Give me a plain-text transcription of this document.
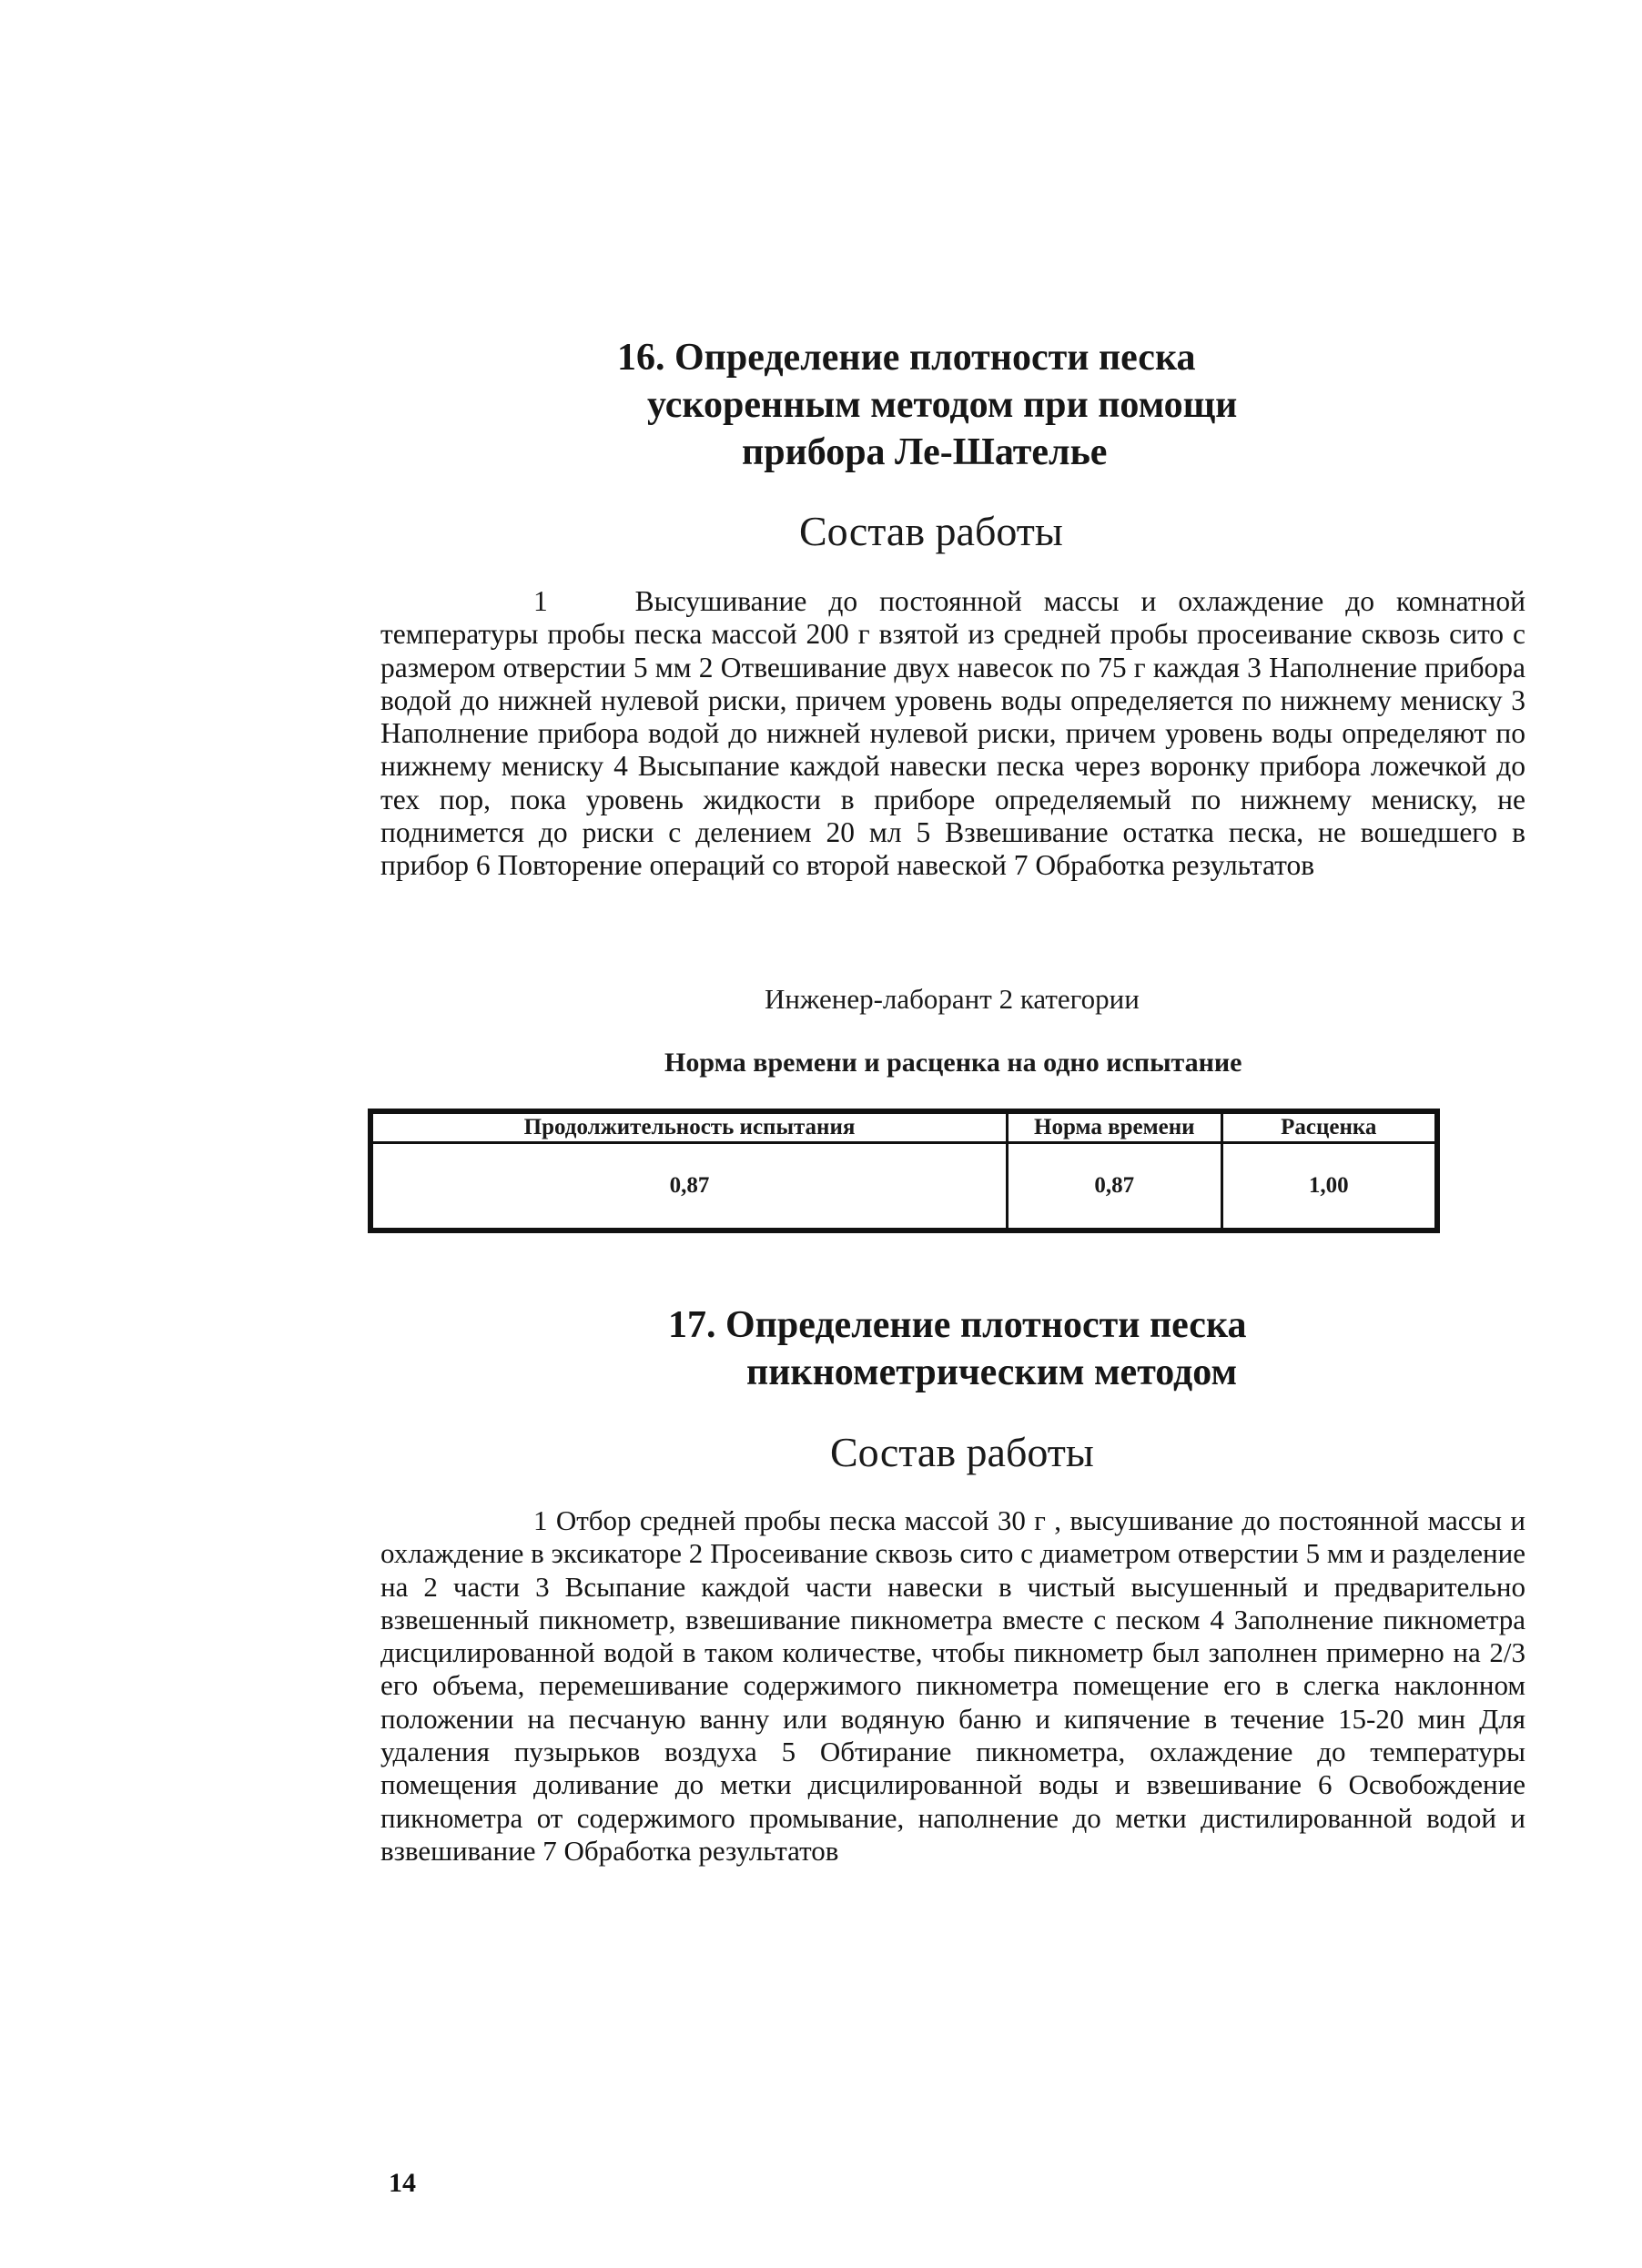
16. Определение плотности песка
ускоренным методом при помощи
прибора Ле-Шателье
Состав работы

1	Высушивание до постоянной массы и охлаждение до комнатной температуры пробы песка массой 200 г взятой из средней пробы просеивание сквозь сито с размером отверстии 5 мм 2 Отвешивание двух навесок по 75 г каждая 3 Наполнение прибора водой до нижней нулевой риски, причем уровень воды определяется по нижнему мениску 3 Наполнение прибора водой до нижней нулевой риски, причем уровень воды определяют по нижнему мениску 4 Высыпание каждой навески песка через воронку прибора ложечкой до тех пор, пока уровень жидкости в приборе определяемый по нижнему мениску, не поднимется до риски с делением 20 мл 5 Взвешивание остатка песка, не вошедшего в прибор 6 Повторение операций со второй навеской 7 Обработка результатов

Инженер-лаборант 2 категории
Норма времени и расценка на одно испытание
Продолжительность испытания	Норма времени	Расценка
0,87	0,87	1,00
17. Определение плотности песка
пикнометрическим методом
Состав работы

1 Отбор средней пробы песка массой 30 г , высушивание до постоянной массы и охлаждение в эксикаторе 2 Просеивание сквозь сито с диаметром отверстии 5 мм и разделение на 2 части 3 Всыпание каждой части навески в чистый высушенный и предварительно взвешенный пикнометр, взвешивание пикнометра вместе с песком 4 Заполнение пикнометра дисцилированной водой в таком количестве, чтобы пикнометр был заполнен примерно на 2/3 его объема, перемешивание содержимого пикнометра помещение его в слегка наклонном положении на песчаную ванну или водяную баню и кипячение в течение 15-20 мин Для удаления пузырьков воздуха 5 Обтирание пикнометра, охлаждение до температуры помещения доливание до метки дисцилированной воды и взвешивание 6 Освобождение пикнометра от содержимого промывание, наполнение до метки дистилированной водой и взвешивание 7 Обработка результатов

14
